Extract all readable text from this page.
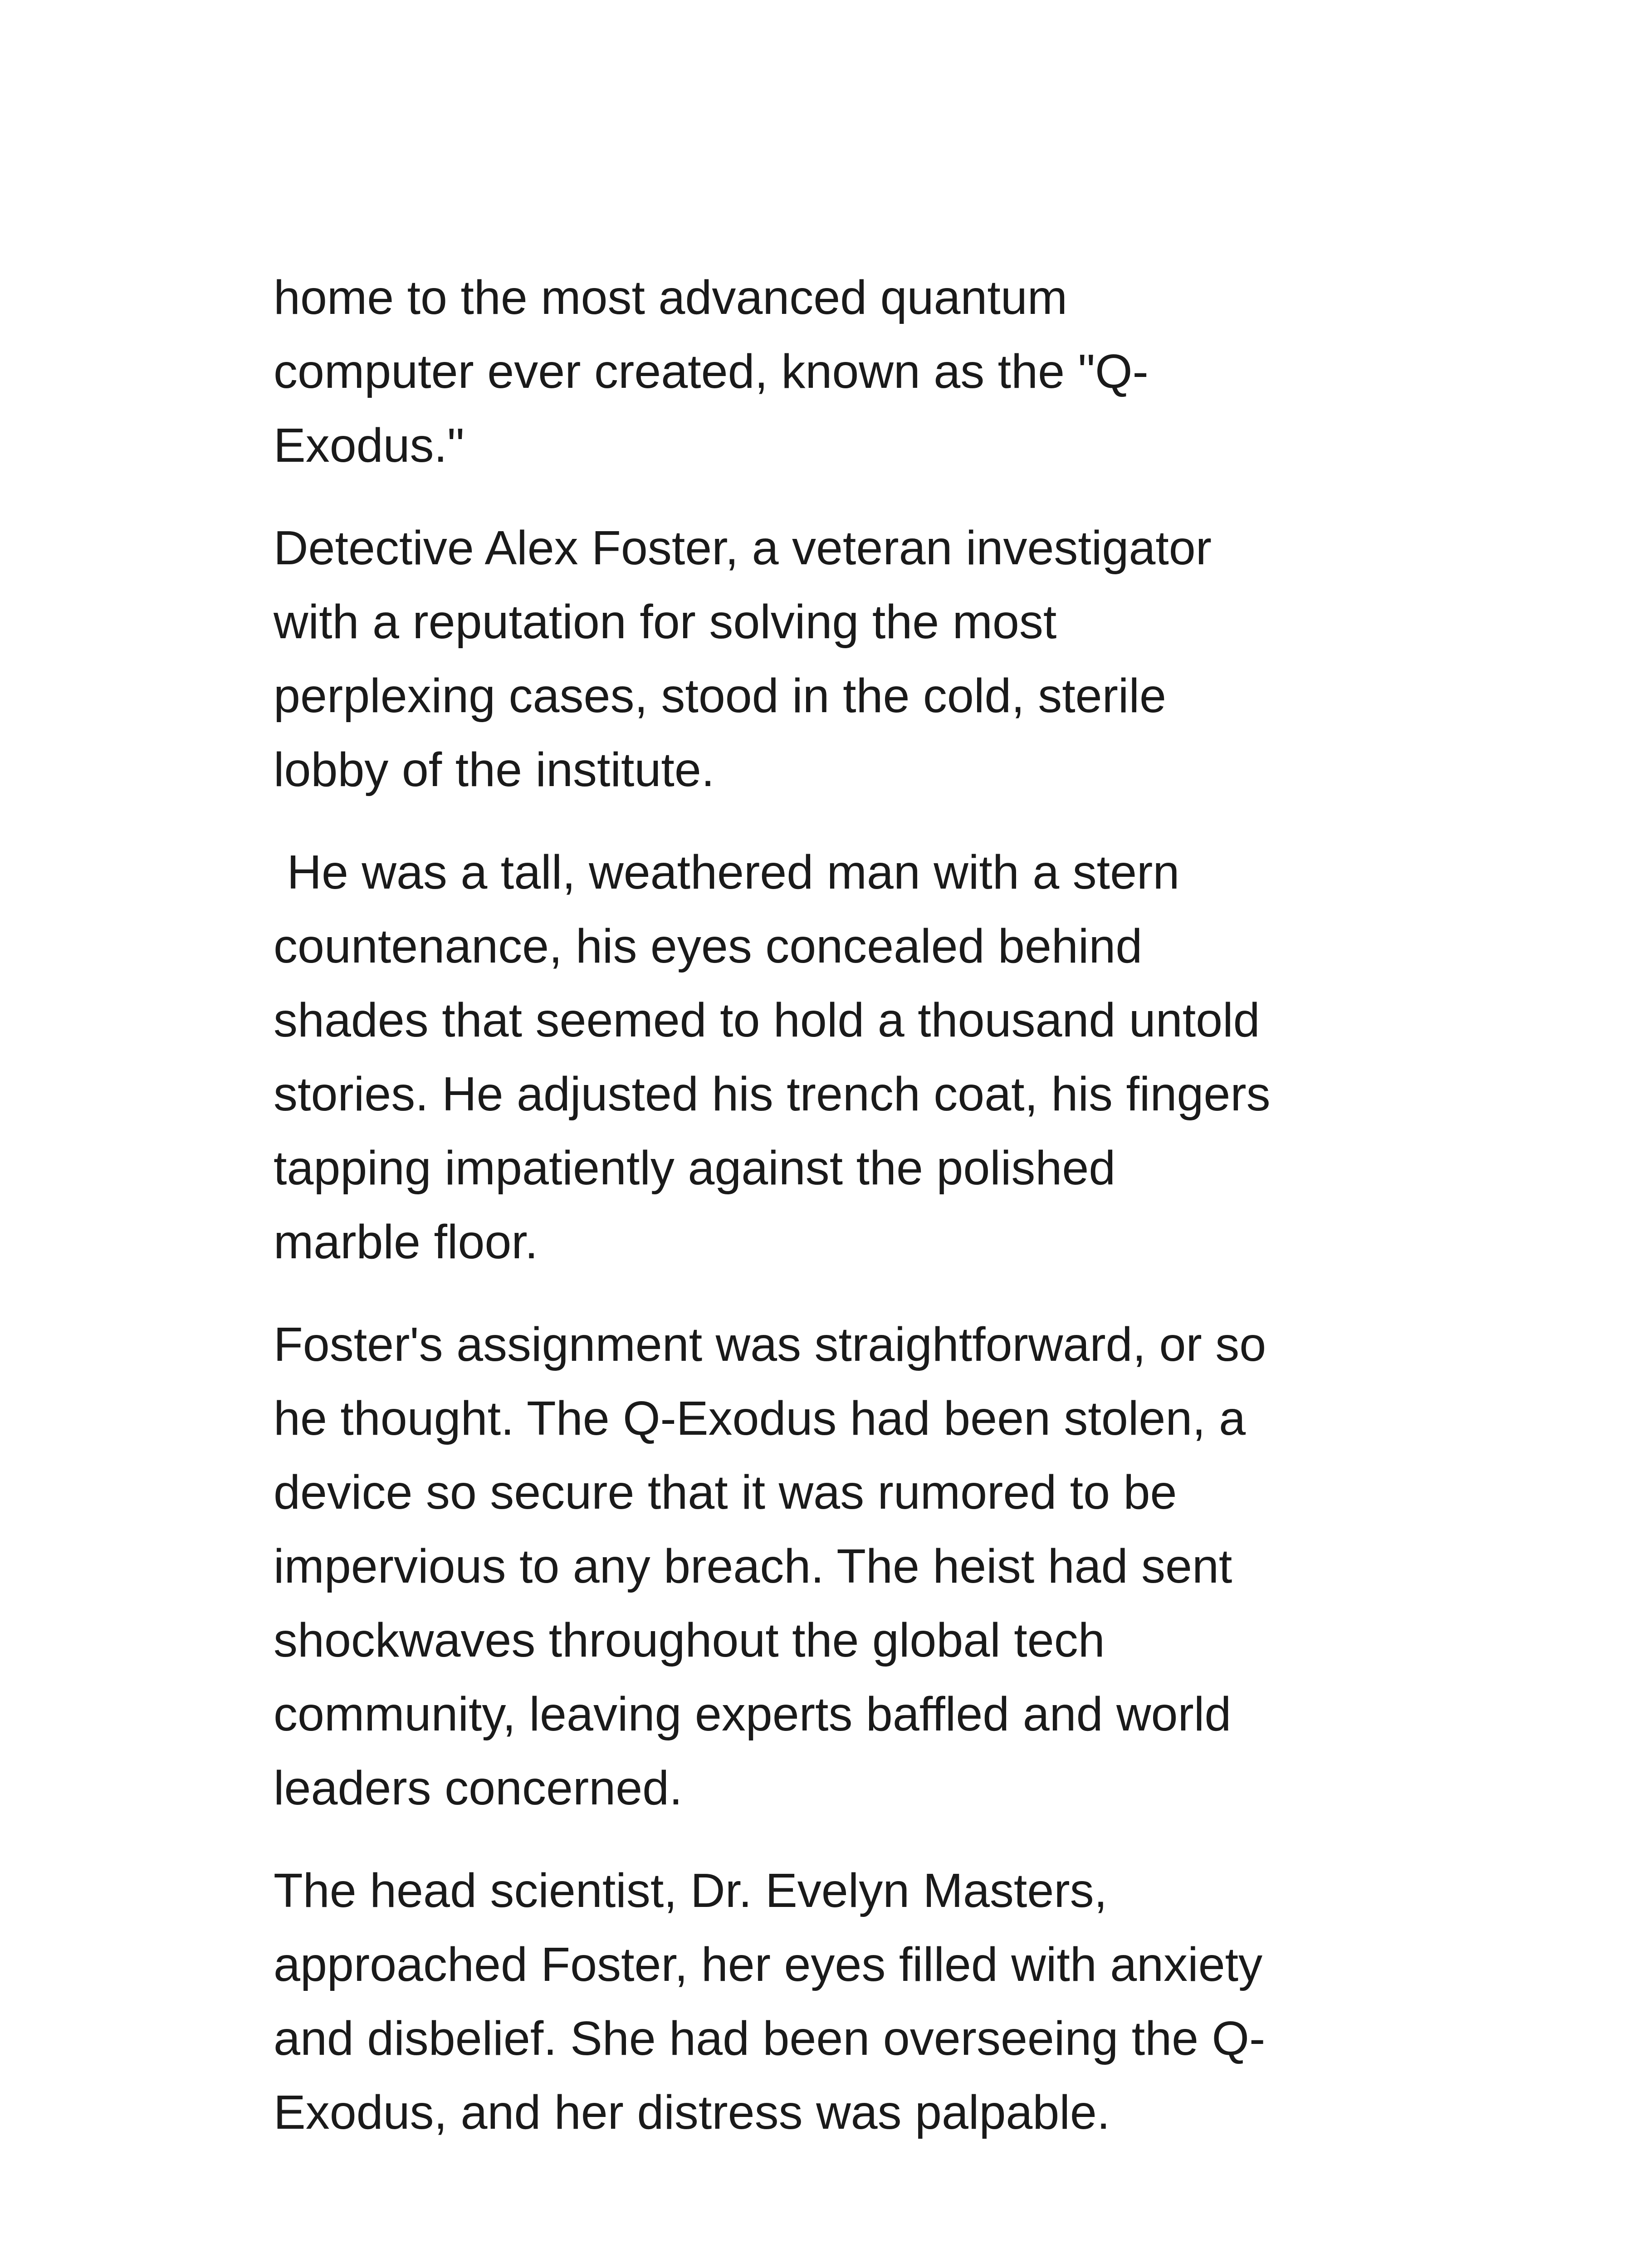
home to the most advanced quantum
computer ever created, known as the "Q-
Exodus."

Detective Alex Foster, a veteran investigator
with a reputation for solving the most
perplexing cases, stood in the cold, sterile
lobby of the institute.

He was a tall, weathered man with a stern
countenance, his eyes concealed behind
shades that seemed to hold a thousand untold
stories. He adjusted his trench coat, his fingers
tapping impatiently against the polished
marble floor.

Foster's assignment was straightforward, or so
he thought. The Q-Exodus had been stolen, a
device so secure that it was rumored to be
impervious to any breach. The heist had sent
shockwaves throughout the global tech
community, leaving experts baffled and world
leaders concerned.

The head scientist, Dr. Evelyn Masters,
approached Foster, her eyes filled with anxiety
and disbelief. She had been overseeing the Q-
Exodus, and her distress was palpable.
